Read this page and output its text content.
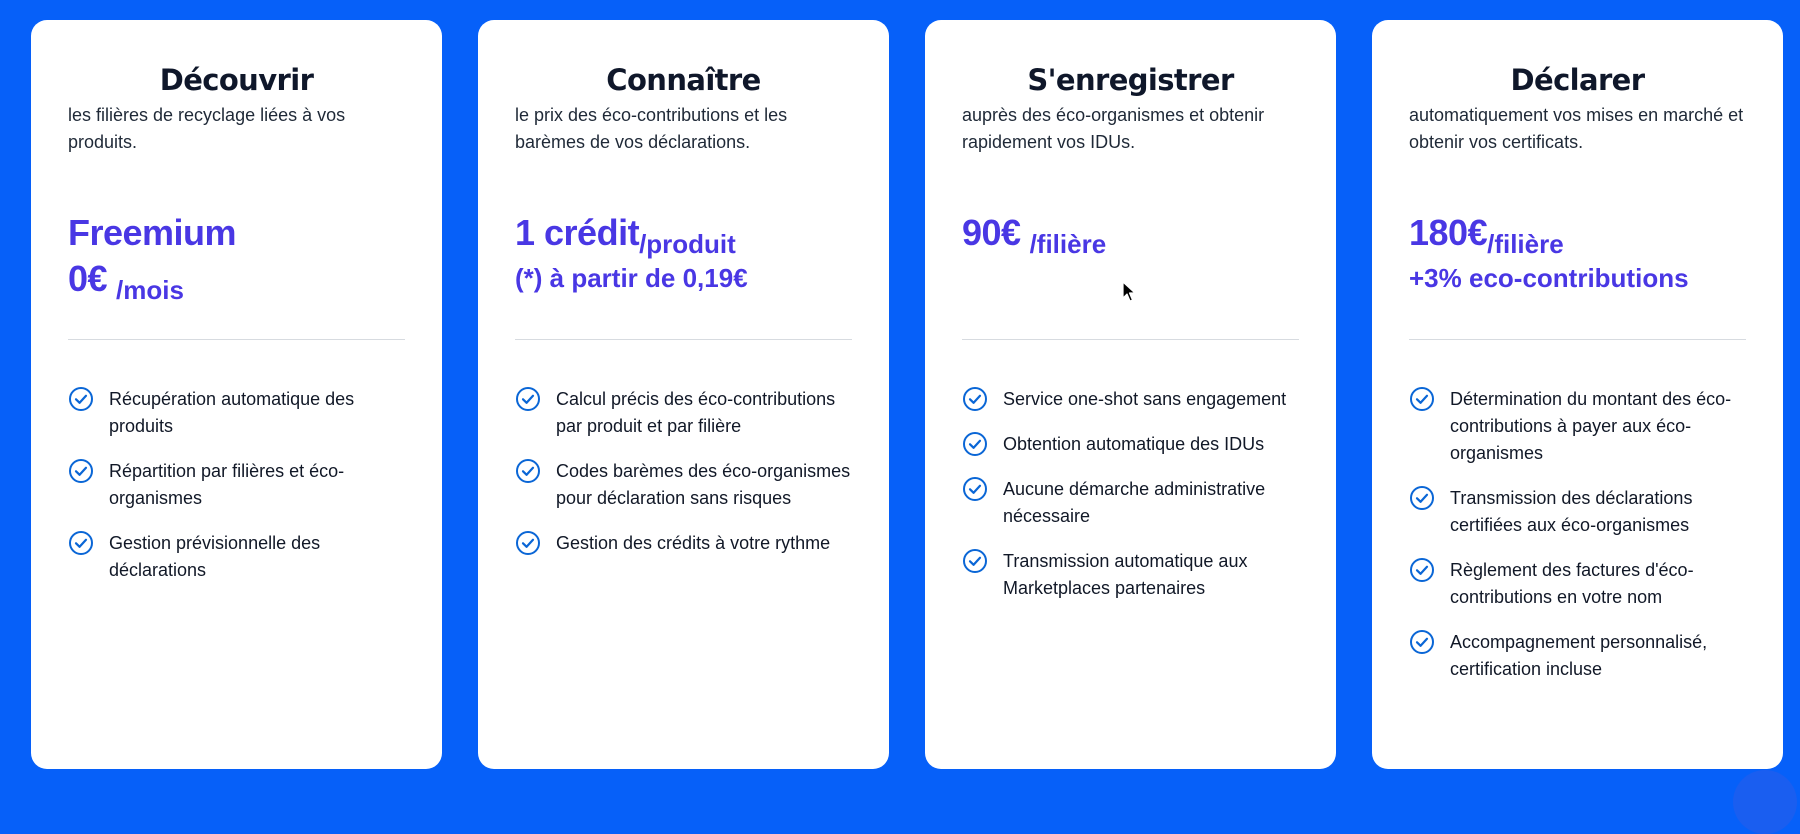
Découvrir

les filières de recyclage liées à vos produits.

Freemium
0€ /mois
Récupération automatique des produits
Répartition par filières et éco-organismes
Gestion prévisionnelle des déclarations
Connaître

le prix des éco-contributions et les barèmes de vos déclarations.

1 crédit /produit
(*) à partir de 0,19€
Calcul précis des éco-contributions par produit et par filière
Codes barèmes des éco-organismes pour déclaration sans risques
Gestion des crédits à votre rythme
S'enregistrer

auprès des éco-organismes et obtenir rapidement vos IDUs.

90€ /filière
Service one-shot sans engagement
Obtention automatique des IDUs
Aucune démarche administrative nécessaire
Transmission automatique aux Marketplaces partenaires
Déclarer

automatiquement vos mises en marché et obtenir vos certificats.

180€ /filière
+3% eco-contributions
Détermination du montant des éco-contributions à payer aux éco-organismes
Transmission des déclarations certifiées aux éco-organismes
Règlement des factures d'éco-contributions en votre nom
Accompagnement personnalisé, certification incluse
